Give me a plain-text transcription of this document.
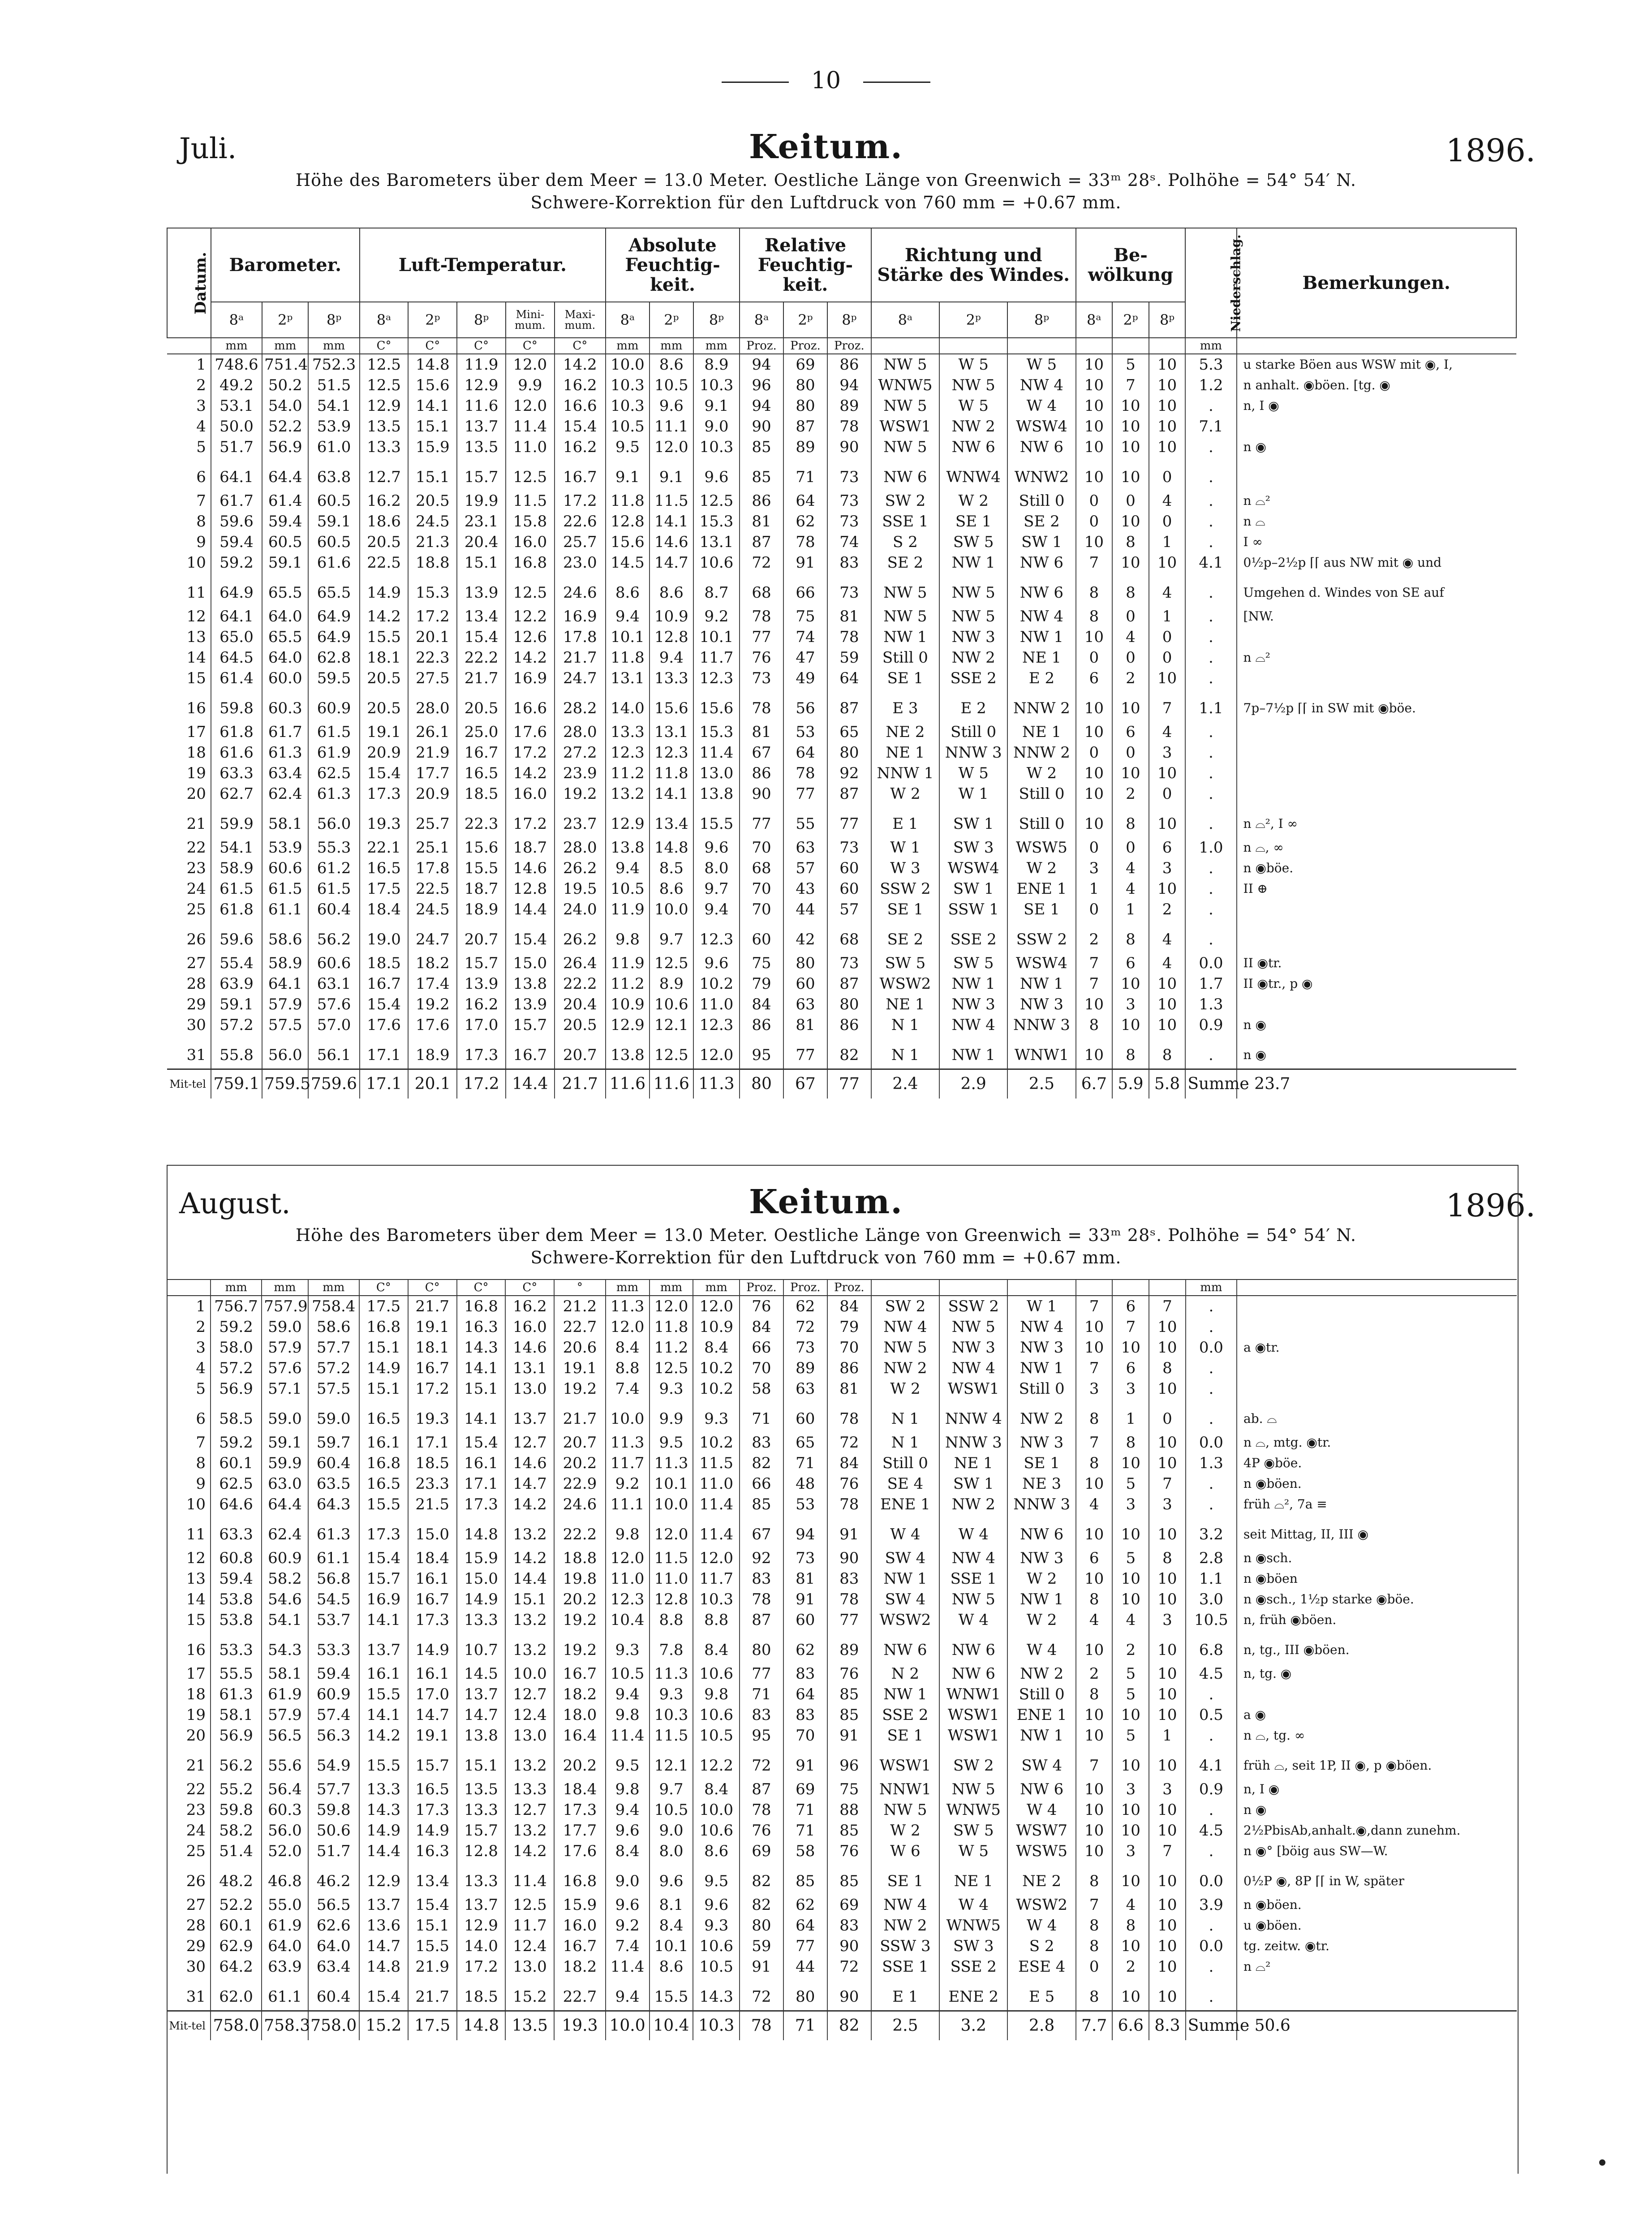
10
Juli.	Keitum.	1896.
Höhe des Barometers über dem Meer = 13.0 Meter. Oestliche Länge von Greenwich = 33ᵐ 28ˢ. Polhöhe = 54° 54′ N.
Schwere-Korrektion für den Luftdruck von 760 mm = +0.67 mm.
Datum.	Barometer.			Luft-Temperatur.					Absolute Feuchtig-keit.			Relative Feuchtig-keit.			Richtung und Stärke des Windes.			Be-wölkung			Niederschlag.	Bemerkungen.
	8ᵃ	2ᵖ	8ᵖ	8ᵃ	2ᵖ	8ᵖ	Mini-mum.	Maxi-mum.	8ᵃ	2ᵖ	8ᵖ	8ᵃ	2ᵖ	8ᵖ	8ᵃ	2ᵖ	8ᵖ	8ᵃ	2ᵖ	8ᵖ		
	mm	mm	mm	C°	C°	C°	C°	C°	mm	mm	mm	Proz.	Proz.	Proz.							mm	
1	748.6	751.4	752.3	12.5	14.8	11.9	12.0	14.2	10.0	8.6	8.9	94	69	86	NW 5	W 5	W 5	10	5	10	5.3	u starke Böen aus WSW mit ◉, I,
2	49.2	50.2	51.5	12.5	15.6	12.9	9.9	16.2	10.3	10.5	10.3	96	80	94	WNW5	NW 5	NW 4	10	7	10	1.2	n anhalt. ◉böen. [tg. ◉
3	53.1	54.0	54.1	12.9	14.1	11.6	12.0	16.6	10.3	9.6	9.1	94	80	89	NW 5	W 5	W 4	10	10	10	.	n, I ◉
4	50.0	52.2	53.9	13.5	15.1	13.7	11.4	15.4	10.5	11.1	9.0	90	87	78	WSW1	NW 2	WSW4	10	10	10	7.1	
5	51.7	56.9	61.0	13.3	15.9	13.5	11.0	16.2	9.5	12.0	10.3	85	89	90	NW 5	NW 6	NW 6	10	10	10	.	n ◉
6	64.1	64.4	63.8	12.7	15.1	15.7	12.5	16.7	9.1	9.1	9.6	85	71	73	NW 6	WNW4	WNW2	10	10	0	.	
7	61.7	61.4	60.5	16.2	20.5	19.9	11.5	17.2	11.8	11.5	12.5	86	64	73	SW 2	W 2	Still 0	0	0	4	.	n ⌓²
8	59.6	59.4	59.1	18.6	24.5	23.1	15.8	22.6	12.8	14.1	15.3	81	62	73	SSE 1	SE 1	SE 2	0	10	0	.	n ⌓
9	59.4	60.5	60.5	20.5	21.3	20.4	16.0	25.7	15.6	14.6	13.1	87	78	74	S 2	SW 5	SW 1	10	8	1	.	I ∞
10	59.2	59.1	61.6	22.5	18.8	15.1	16.8	23.0	14.5	14.7	10.6	72	91	83	SE 2	NW 1	NW 6	7	10	10	4.1	0½p–2½p ⌈⌈ aus NW mit ◉ und
11	64.9	65.5	65.5	14.9	15.3	13.9	12.5	24.6	8.6	8.6	8.7	68	66	73	NW 5	NW 5	NW 6	8	8	4	.	Umgehen d. Windes von SE auf
12	64.1	64.0	64.9	14.2	17.2	13.4	12.2	16.9	9.4	10.9	9.2	78	75	81	NW 5	NW 5	NW 4	8	0	1	.	[NW.
13	65.0	65.5	64.9	15.5	20.1	15.4	12.6	17.8	10.1	12.8	10.1	77	74	78	NW 1	NW 3	NW 1	10	4	0	.	
14	64.5	64.0	62.8	18.1	22.3	22.2	14.2	21.7	11.8	9.4	11.7	76	47	59	Still 0	NW 2	NE 1	0	0	0	.	n ⌓²
15	61.4	60.0	59.5	20.5	27.5	21.7	16.9	24.7	13.1	13.3	12.3	73	49	64	SE 1	SSE 2	E 2	6	2	10	.	
16	59.8	60.3	60.9	20.5	28.0	20.5	16.6	28.2	14.0	15.6	15.6	78	56	87	E 3	E 2	NNW 2	10	10	7	1.1	7p–7½p ⌈⌈ in SW mit ◉böe.
17	61.8	61.7	61.5	19.1	26.1	25.0	17.6	28.0	13.3	13.1	15.3	81	53	65	NE 2	Still 0	NE 1	10	6	4	.	
18	61.6	61.3	61.9	20.9	21.9	16.7	17.2	27.2	12.3	12.3	11.4	67	64	80	NE 1	NNW 3	NNW 2	0	0	3	.	
19	63.3	63.4	62.5	15.4	17.7	16.5	14.2	23.9	11.2	11.8	13.0	86	78	92	NNW 1	W 5	W 2	10	10	10	.	
20	62.7	62.4	61.3	17.3	20.9	18.5	16.0	19.2	13.2	14.1	13.8	90	77	87	W 2	W 1	Still 0	10	2	0	.	
21	59.9	58.1	56.0	19.3	25.7	22.3	17.2	23.7	12.9	13.4	15.5	77	55	77	E 1	SW 1	Still 0	10	8	10	.	n ⌓², I ∞
22	54.1	53.9	55.3	22.1	25.1	15.6	18.7	28.0	13.8	14.8	9.6	70	63	73	W 1	SW 3	WSW5	0	0	6	1.0	n ⌓, ∞
23	58.9	60.6	61.2	16.5	17.8	15.5	14.6	26.2	9.4	8.5	8.0	68	57	60	W 3	WSW4	W 2	3	4	3	.	n ◉böe.
24	61.5	61.5	61.5	17.5	22.5	18.7	12.8	19.5	10.5	8.6	9.7	70	43	60	SSW 2	SW 1	ENE 1	1	4	10	.	II ⊕
25	61.8	61.1	60.4	18.4	24.5	18.9	14.4	24.0	11.9	10.0	9.4	70	44	57	SE 1	SSW 1	SE 1	0	1	2	.	
26	59.6	58.6	56.2	19.0	24.7	20.7	15.4	26.2	9.8	9.7	12.3	60	42	68	SE 2	SSE 2	SSW 2	2	8	4	.	
27	55.4	58.9	60.6	18.5	18.2	15.7	15.0	26.4	11.9	12.5	9.6	75	80	73	SW 5	SW 5	WSW4	7	6	4	0.0	II ◉tr.
28	63.9	64.1	63.1	16.7	17.4	13.9	13.8	22.2	11.2	8.9	10.2	79	60	87	WSW2	NW 1	NW 1	7	10	10	1.7	II ◉tr., p ◉
29	59.1	57.9	57.6	15.4	19.2	16.2	13.9	20.4	10.9	10.6	11.0	84	63	80	NE 1	NW 3	NW 3	10	3	10	1.3	
30	57.2	57.5	57.0	17.6	17.6	17.0	15.7	20.5	12.9	12.1	12.3	86	81	86	N 1	NW 4	NNW 3	8	10	10	0.9	n ◉
31	55.8	56.0	56.1	17.1	18.9	17.3	16.7	20.7	13.8	12.5	12.0	95	77	82	N 1	NW 1	WNW1	10	8	8	.	n ◉
Mit-tel	759.1	759.5	759.6	17.1	20.1	17.2	14.4	21.7	11.6	11.6	11.3	80	67	77	2.4	2.9	2.5	6.7	5.9	5.8	Summe 23.7	
August.	Keitum.	1896.
Höhe des Barometers über dem Meer = 13.0 Meter. Oestliche Länge von Greenwich = 33ᵐ 28ˢ. Polhöhe = 54° 54′ N.
Schwere-Korrektion für den Luftdruck von 760 mm = +0.67 mm.
	mm	mm	mm	C°	C°	C°	C°	°	mm	mm	mm	Proz.	Proz.	Proz.							mm	
1	756.7	757.9	758.4	17.5	21.7	16.8	16.2	21.2	11.3	12.0	12.0	76	62	84	SW 2	SSW 2	W 1	7	6	7	.	
2	59.2	59.0	58.6	16.8	19.1	16.3	16.0	22.7	12.0	11.8	10.9	84	72	79	NW 4	NW 5	NW 4	10	7	10	.	
3	58.0	57.9	57.7	15.1	18.1	14.3	14.6	20.6	8.4	11.2	8.4	66	73	70	NW 5	NW 3	NW 3	10	10	10	0.0	a ◉tr.
4	57.2	57.6	57.2	14.9	16.7	14.1	13.1	19.1	8.8	12.5	10.2	70	89	86	NW 2	NW 4	NW 1	7	6	8	.	
5	56.9	57.1	57.5	15.1	17.2	15.1	13.0	19.2	7.4	9.3	10.2	58	63	81	W 2	WSW1	Still 0	3	3	10	.	
6	58.5	59.0	59.0	16.5	19.3	14.1	13.7	21.7	10.0	9.9	9.3	71	60	78	N 1	NNW 4	NW 2	8	1	0	.	ab. ⌓
7	59.2	59.1	59.7	16.1	17.1	15.4	12.7	20.7	11.3	9.5	10.2	83	65	72	N 1	NNW 3	NW 3	7	8	10	0.0	n ⌓, mtg. ◉tr.
8	60.1	59.9	60.4	16.8	18.5	16.1	14.6	20.2	11.7	11.3	11.5	82	71	84	Still 0	NE 1	SE 1	8	10	10	1.3	4P ◉böe.
9	62.5	63.0	63.5	16.5	23.3	17.1	14.7	22.9	9.2	10.1	11.0	66	48	76	SE 4	SW 1	NE 3	10	5	7	.	n ◉böen.
10	64.6	64.4	64.3	15.5	21.5	17.3	14.2	24.6	11.1	10.0	11.4	85	53	78	ENE 1	NW 2	NNW 3	4	3	3	.	früh ⌓², 7a ≡
11	63.3	62.4	61.3	17.3	15.0	14.8	13.2	22.2	9.8	12.0	11.4	67	94	91	W 4	W 4	NW 6	10	10	10	3.2	seit Mittag, II, III ◉
12	60.8	60.9	61.1	15.4	18.4	15.9	14.2	18.8	12.0	11.5	12.0	92	73	90	SW 4	NW 4	NW 3	6	5	8	2.8	n ◉sch.
13	59.4	58.2	56.8	15.7	16.1	15.0	14.4	19.8	11.0	11.0	11.7	83	81	83	NW 1	SSE 1	W 2	10	10	10	1.1	n ◉böen
14	53.8	54.6	54.5	16.9	16.7	14.9	15.1	20.2	12.3	12.8	10.3	78	91	78	SW 4	NW 5	NW 1	8	10	10	3.0	n ◉sch., 1½p starke ◉böe.
15	53.8	54.1	53.7	14.1	17.3	13.3	13.2	19.2	10.4	8.8	8.8	87	60	77	WSW2	W 4	W 2	4	4	3	10.5	n, früh ◉böen.
16	53.3	54.3	53.3	13.7	14.9	10.7	13.2	19.2	9.3	7.8	8.4	80	62	89	NW 6	NW 6	W 4	10	2	10	6.8	n, tg., III ◉böen.
17	55.5	58.1	59.4	16.1	16.1	14.5	10.0	16.7	10.5	11.3	10.6	77	83	76	N 2	NW 6	NW 2	2	5	10	4.5	n, tg. ◉
18	61.3	61.9	60.9	15.5	17.0	13.7	12.7	18.2	9.4	9.3	9.8	71	64	85	NW 1	WNW1	Still 0	8	5	10	.	
19	58.1	57.9	57.4	14.1	14.7	14.7	12.4	18.0	9.8	10.3	10.6	83	83	85	SSE 2	WSW1	ENE 1	10	10	10	0.5	a ◉
20	56.9	56.5	56.3	14.2	19.1	13.8	13.0	16.4	11.4	11.5	10.5	95	70	91	SE 1	WSW1	NW 1	10	5	1	.	n ⌓, tg. ∞
21	56.2	55.6	54.9	15.5	15.7	15.1	13.2	20.2	9.5	12.1	12.2	72	91	96	WSW1	SW 2	SW 4	7	10	10	4.1	früh ⌓, seit 1P, II ◉, p ◉böen.
22	55.2	56.4	57.7	13.3	16.5	13.5	13.3	18.4	9.8	9.7	8.4	87	69	75	NNW1	NW 5	NW 6	10	3	3	0.9	n, I ◉
23	59.8	60.3	59.8	14.3	17.3	13.3	12.7	17.3	9.4	10.5	10.0	78	71	88	NW 5	WNW5	W 4	10	10	10	.	n ◉
24	58.2	56.0	50.6	14.9	14.9	15.7	13.2	17.7	9.6	9.0	10.6	76	71	85	W 2	SW 5	WSW7	10	10	10	4.5	2½PbisAb,anhalt.◉,dann zunehm.
25	51.4	52.0	51.7	14.4	16.3	12.8	14.2	17.6	8.4	8.0	8.6	69	58	76	W 6	W 5	WSW5	10	3	7	.	n ◉° [böig aus SW—W.
26	48.2	46.8	46.2	12.9	13.4	13.3	11.4	16.8	9.0	9.6	9.5	82	85	85	SE 1	NE 1	NE 2	8	10	10	0.0	0½P ◉, 8P ⌈⌈ in W, später
27	52.2	55.0	56.5	13.7	15.4	13.7	12.5	15.9	9.6	8.1	9.6	82	62	69	NW 4	W 4	WSW2	7	4	10	3.9	n ◉böen.
28	60.1	61.9	62.6	13.6	15.1	12.9	11.7	16.0	9.2	8.4	9.3	80	64	83	NW 2	WNW5	W 4	8	8	10	.	u ◉böen.
29	62.9	64.0	64.0	14.7	15.5	14.0	12.4	16.7	7.4	10.1	10.6	59	77	90	SSW 3	SW 3	S 2	8	10	10	0.0	tg. zeitw. ◉tr.
30	64.2	63.9	63.4	14.8	21.9	17.2	13.0	18.2	11.4	8.6	10.5	91	44	72	SSE 1	SSE 2	ESE 4	0	2	10	.	n ⌓²
31	62.0	61.1	60.4	15.4	21.7	18.5	15.2	22.7	9.4	15.5	14.3	72	80	90	E 1	ENE 2	E 5	8	10	10	.	
Mit-tel	758.0	758.3	758.0	15.2	17.5	14.8	13.5	19.3	10.0	10.4	10.3	78	71	82	2.5	3.2	2.8	7.7	6.6	8.3	Summe 50.6	
